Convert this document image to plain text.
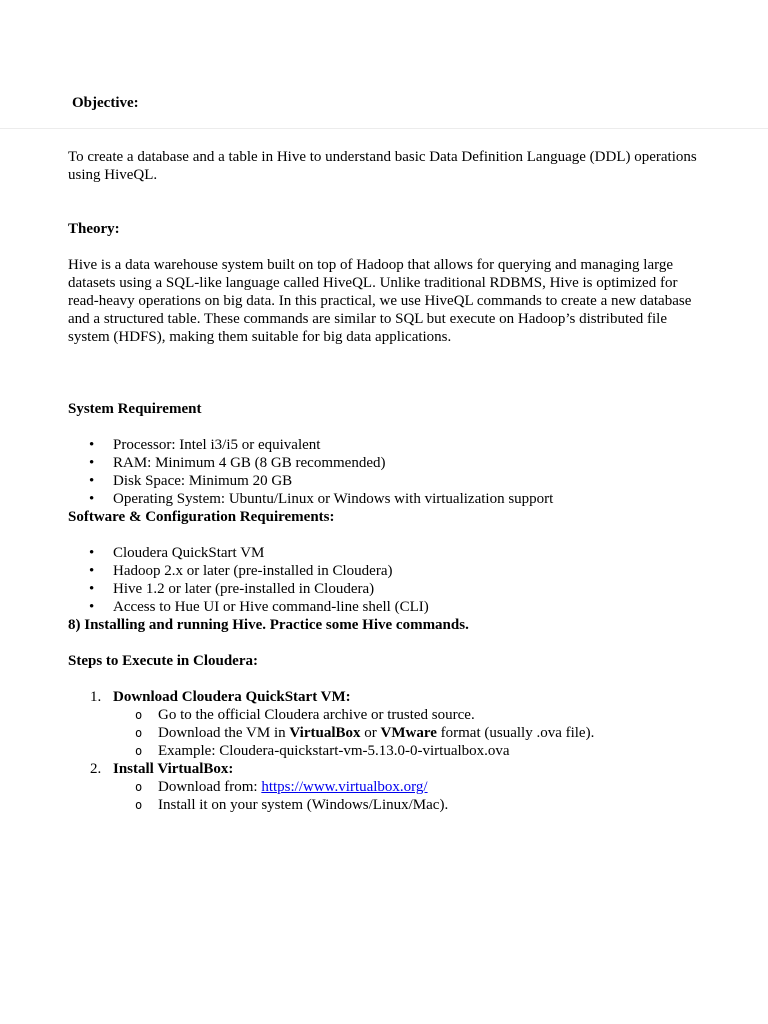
Objective:

To create a database and a table in Hive to understand basic Data Definition Language (DDL) operations using HiveQL.

Theory:

Hive is a data warehouse system built on top of Hadoop that allows for querying and managing large datasets using a SQL-like language called HiveQL. Unlike traditional RDBMS, Hive is optimized for read-heavy operations on big data. In this practical, we use HiveQL commands to create a new database and a structured table. These commands are similar to SQL but execute on Hadoop’s distributed file system (HDFS), making them suitable for big data applications.

System Requirement

• Processor: Intel i3/i5 or equivalent
• RAM: Minimum 4 GB (8 GB recommended)
• Disk Space: Minimum 20 GB
• Operating System: Ubuntu/Linux or Windows with virtualization support

Software & Configuration Requirements:

• Cloudera QuickStart VM
• Hadoop 2.x or later (pre-installed in Cloudera)
• Hive 1.2 or later (pre-installed in Cloudera)
• Access to Hue UI or Hive command-line shell (CLI)

8) Installing and running Hive. Practice some Hive commands.

Steps to Execute in Cloudera:

1. Download Cloudera QuickStart VM:
o Go to the official Cloudera archive or trusted source.
o Download the VM in VirtualBox or VMware format (usually .ova file).
o Example: Cloudera-quickstart-vm-5.13.0-0-virtualbox.ova
2. Install VirtualBox:
o Download from: https://www.virtualbox.org/
o Install it on your system (Windows/Linux/Mac).
